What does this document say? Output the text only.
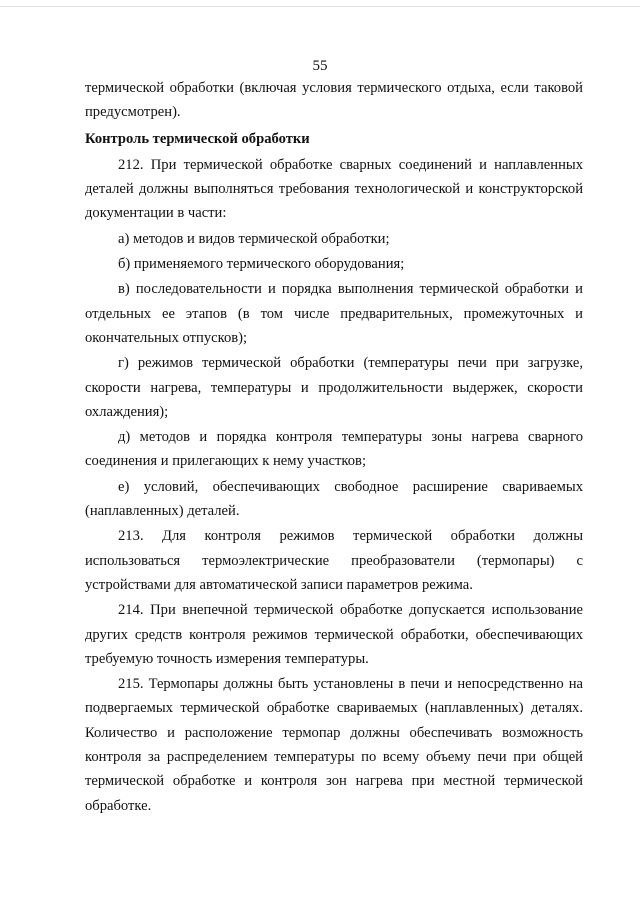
55

термической обработки (включая условия термического отдыха, если таковой предусмотрен).

Контроль термической обработки

212. При термической обработке сварных соединений и наплавленных деталей должны выполняться требования технологической и конструкторской документации в части:

а) методов и видов термической обработки;

б) применяемого термического оборудования;

в) последовательности и порядка выполнения термической обработки и отдельных ее этапов (в том числе предварительных, промежуточных и окончательных отпусков);

г) режимов термической обработки (температуры печи при загрузке, скорости нагрева, температуры и продолжительности выдержек, скорости охлаждения);

д) методов и порядка контроля температуры зоны нагрева сварного соединения и прилегающих к нему участков;

е) условий, обеспечивающих свободное расширение свариваемых (наплавленных) деталей.

213. Для контроля режимов термической обработки должны использоваться термоэлектрические преобразователи (термопары) с устройствами для автоматической записи параметров режима.

214. При внепечной термической обработке допускается использование других средств контроля режимов термической обработки, обеспечивающих требуемую точность измерения температуры.

215. Термопары должны быть установлены в печи и непосредственно на подвергаемых термической обработке свариваемых (наплавленных) деталях. Количество и расположение термопар должны обеспечивать возможность контроля за распределением температуры по всему объему печи при общей термической обработке и контроля зон нагрева при местной термической обработке.
